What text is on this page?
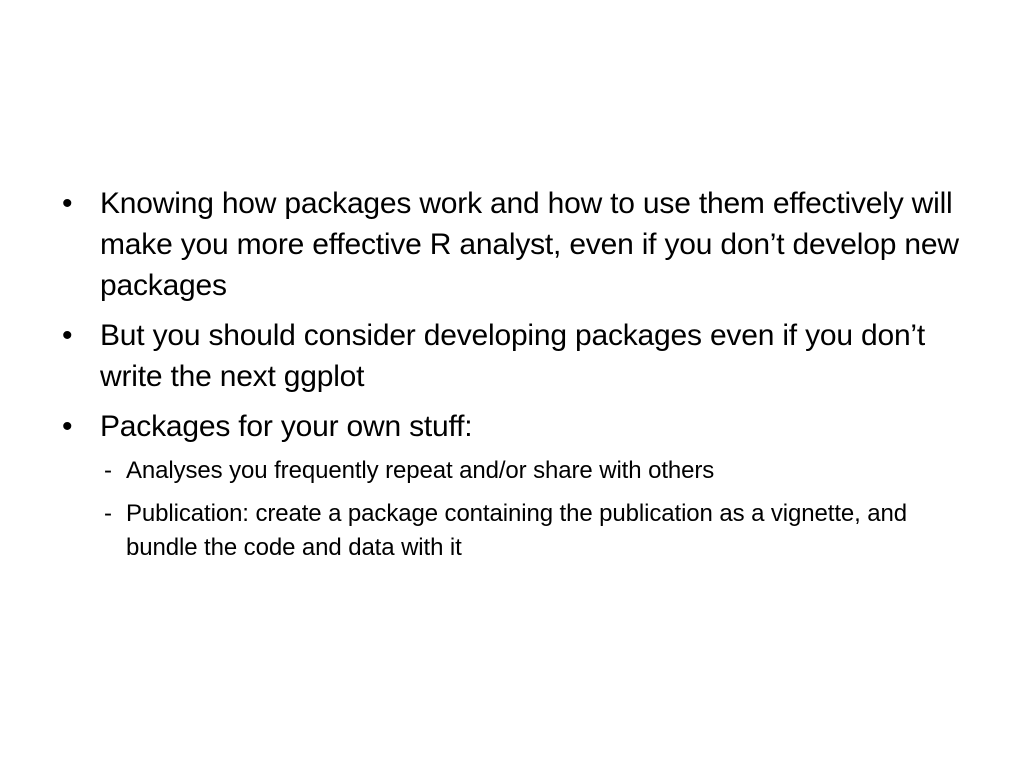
• Knowing how packages work and how to use them effectively will make you more effective R analyst, even if you don’t develop new packages
• But you should consider developing packages even if you don’t write the next ggplot
• Packages for your own stuff:
- Analyses you frequently repeat and/or share with others
- Publication: create a package containing the publication as a vignette, and bundle the code and data with it
